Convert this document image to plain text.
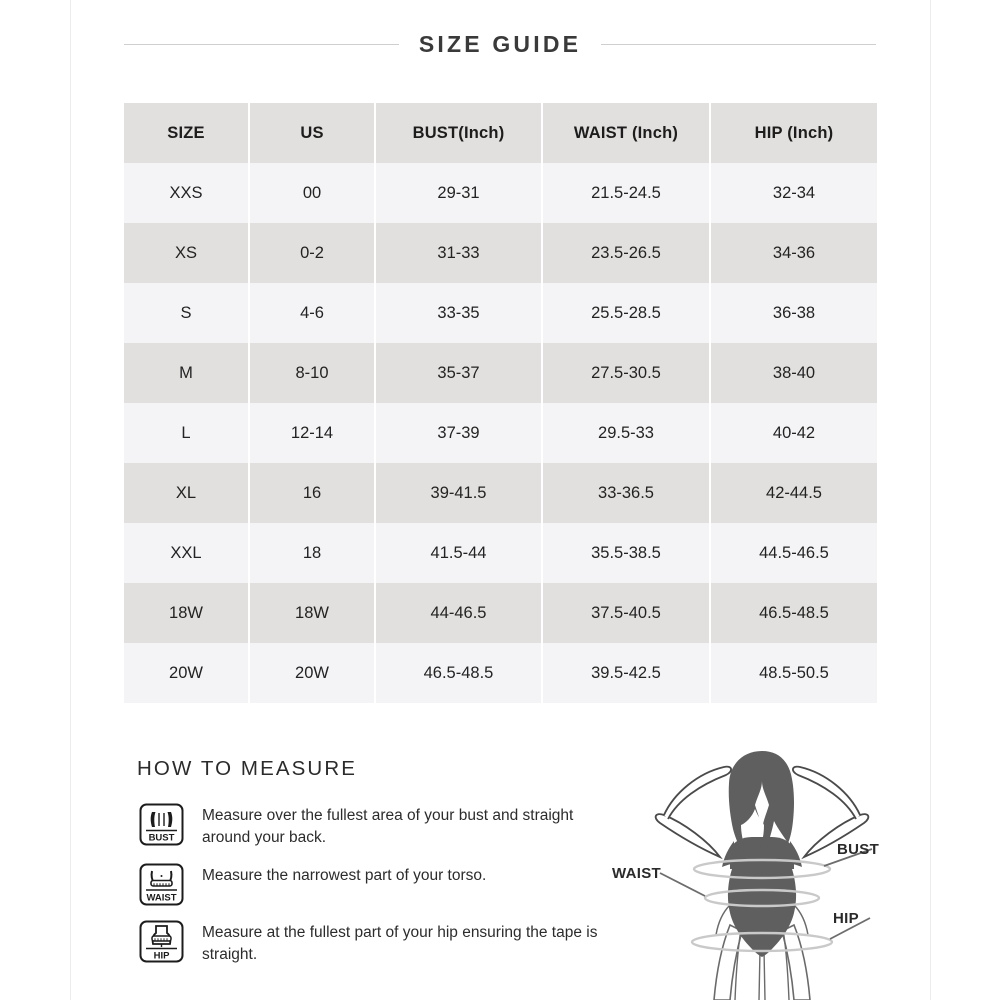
SIZE GUIDE
SIZE	US	BUST(Inch)	WAIST (Inch)	HIP (Inch)
XXS	00	29-31	21.5-24.5	32-34
XS	0-2	31-33	23.5-26.5	34-36
S	4-6	33-35	25.5-28.5	36-38
M	8-10	35-37	27.5-30.5	38-40
L	12-14	37-39	29.5-33	40-42
XL	16	39-41.5	33-36.5	42-44.5
XXL	18	41.5-44	35.5-38.5	44.5-46.5
18W	18W	44-46.5	37.5-40.5	46.5-48.5
20W	20W	46.5-48.5	39.5-42.5	48.5-50.5
HOW TO MEASURE
BUST
Measure over the fullest area of your bust and straight around your back.
WAIST
Measure the narrowest part of your torso.
HIP
Measure at the fullest part of your hip ensuring the tape is straight.
BUST
WAIST
HIP
